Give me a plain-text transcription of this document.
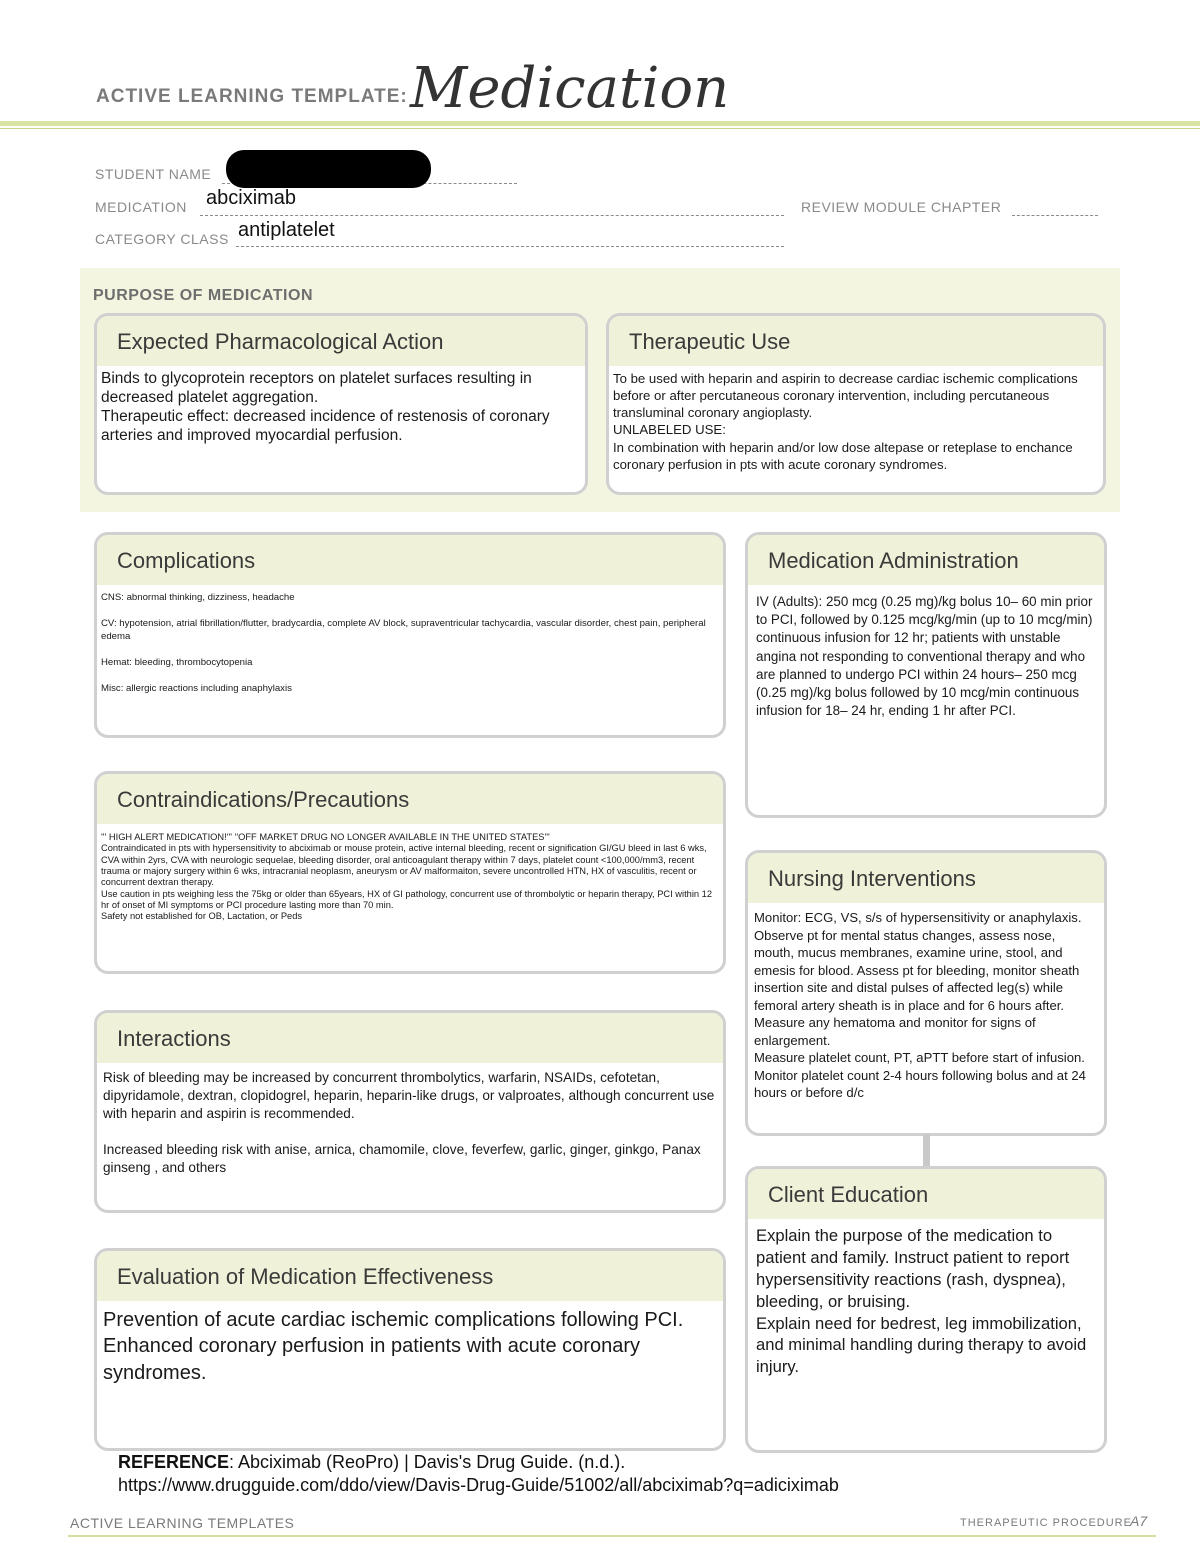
ACTIVE LEARNING TEMPLATE: Medication
STUDENT NAME
MEDICATION abciximab	REVIEW MODULE CHAPTER
CATEGORY CLASS antiplatelet
PURPOSE OF MEDICATION
Expected Pharmacological Action
Binds to glycoprotein receptors on platelet surfaces resulting in decreased platelet aggregation.
Therapeutic effect: decreased incidence of restenosis of coronary arteries and improved myocardial perfusion.
Therapeutic Use
To be used with heparin and aspirin to decrease cardiac ischemic complications before or after percutaneous coronary intervention, including percutaneous transluminal coronary angioplasty.
UNLABELED USE:
In combination with heparin and/or low dose altepase or reteplase to enchance coronary perfusion in pts with acute coronary syndromes.
Complications
CNS: abnormal thinking, dizziness, headache

CV: hypotension, atrial fibrillation/flutter, bradycardia, complete AV block, supraventricular tachycardia, vascular disorder, chest pain, peripheral edema

Hemat: bleeding, thrombocytopenia

Misc: allergic reactions including anaphylaxis
Medication Administration
IV (Adults): 250 mcg (0.25 mg)/kg bolus 10– 60 min prior to PCI, followed by 0.125 mcg/kg/min (up to 10 mcg/min) continuous infusion for 12 hr; patients with unstable angina not responding to conventional therapy and who are planned to undergo PCI within 24 hours– 250 mcg (0.25 mg)/kg bolus followed by 10 mcg/min continuous infusion for 18– 24 hr, ending 1 hr after PCI.
Contraindications/Precautions
''' HIGH ALERT MEDICATION!''' ''OFF MARKET DRUG NO LONGER AVAILABLE IN THE UNITED STATES'''
Contraindicated in pts with hypersensitivity to abciximab or mouse protein, active internal bleeding, recent or signification GI/GU bleed in last 6 wks, CVA within 2yrs, CVA with neurologic sequelae, bleeding disorder, oral anticoagulant therapy within 7 days, platelet count <100,000/mm3, recent trauma or majory surgery within 6 wks, intracranial neoplasm, aneurysm or AV malformaiton, severe uncontrolled HTN, HX of vasculitis, recent or concurrent dextran therapy.
Use caution in pts weighing less the 75kg or older than 65years, HX of GI pathology, concurrent use of thrombolytic or heparin therapy, PCI within 12 hr of onset of MI symptoms or PCI procedure lasting more than 70 min.
Safety not established for OB, Lactation, or Peds
Nursing Interventions
Monitor: ECG, VS, s/s of hypersensitivity or anaphylaxis. Observe pt for mental status changes, assess nose, mouth, mucus membranes, examine urine, stool, and emesis for blood. Assess pt for bleeding, monitor sheath insertion site and distal pulses of affected leg(s) while femoral artery sheath is in place and for 6 hours after. Measure any hematoma and monitor for signs of enlargement.
Measure platelet count, PT, aPTT before start of infusion. Monitor platelet count 2-4 hours following bolus and at 24 hours or before d/c
Interactions
Risk of bleeding may be increased by concurrent thrombolytics, warfarin, NSAIDs, cefotetan, dipyridamole, dextran, clopidogrel, heparin, heparin-like drugs, or valproates, although concurrent use with heparin and aspirin is recommended.

Increased bleeding risk with anise, arnica, chamomile, clove, feverfew, garlic, ginger, ginkgo, Panax ginseng , and others
Client Education
Explain the purpose of the medication to patient and family. Instruct patient to report hypersensitivity reactions (rash, dyspnea), bleeding, or bruising.
Explain need for bedrest, leg immobilization, and minimal handling during therapy to avoid injury.
Evaluation of Medication Effectiveness
Prevention of acute cardiac ischemic complications following PCI.
Enhanced coronary perfusion in patients with acute coronary syndromes.
REFERENCE: Abciximab (ReoPro) | Davis's Drug Guide. (n.d.).
https://www.drugguide.com/ddo/view/Davis-Drug-Guide/51002/all/abciximab?q=adiciximab
ACTIVE LEARNING TEMPLATES	THERAPEUTIC PROCEDURE
A7
